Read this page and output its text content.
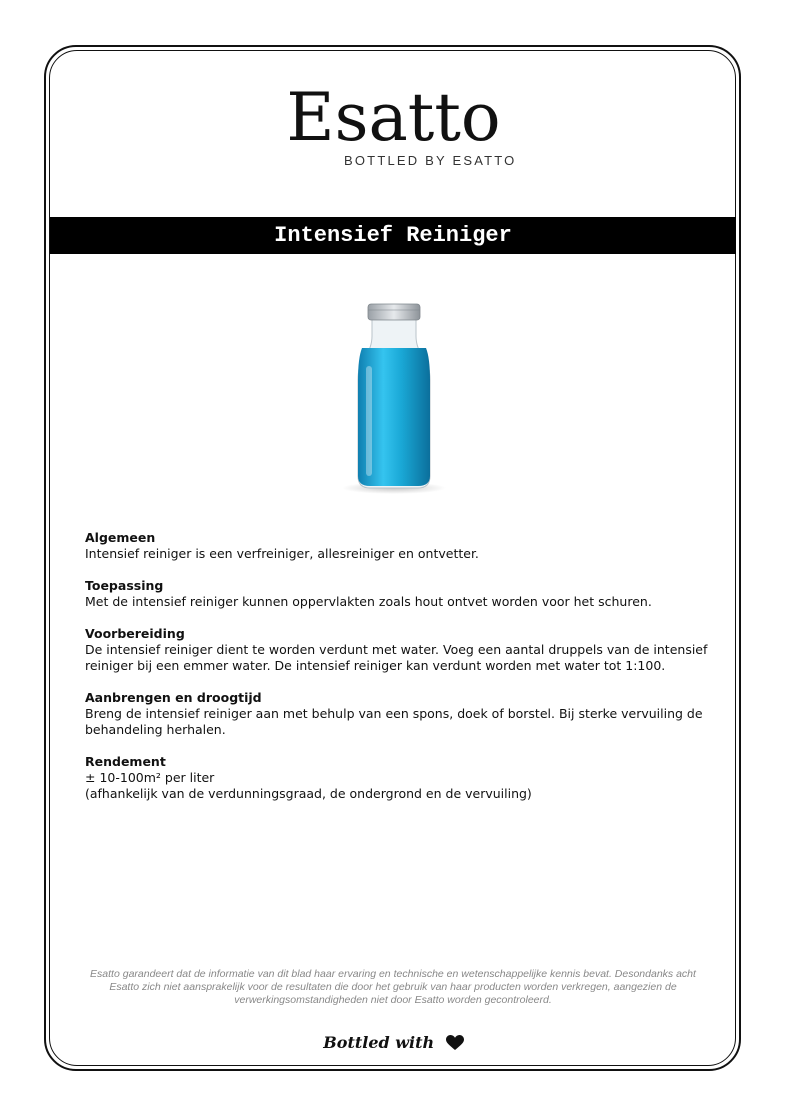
Esatto
BOTTLED BY ESATTO
Intensief Reiniger
Algemeen

Intensief reiniger is een verfreiniger, allesreiniger en ontvetter.

Toepassing

Met de intensief reiniger kunnen oppervlakten zoals hout ontvet worden voor het schuren.

Voorbereiding

De intensief reiniger dient te worden verdunt met water. Voeg een aantal druppels van de intensief reiniger bij een emmer water. De intensief reiniger kan verdunt worden met water tot 1:100.

Aanbrengen en droogtijd

Breng de intensief reiniger aan met behulp van een spons, doek of borstel. Bij sterke vervuiling de behandeling herhalen.

Rendement

± 10-100m² per liter

(afhankelijk van de verdunningsgraad, de ondergrond en de vervuiling)

Esatto garandeert dat de informatie van dit blad haar ervaring en technische en wetenschappelijke kennis bevat. Desondanks acht Esatto zich niet aansprakelijk voor de resultaten die door het gebruik van haar producten worden verkregen, aangezien de verwerkingsomstandigheden niet door Esatto worden gecontroleerd.
Bottled with
